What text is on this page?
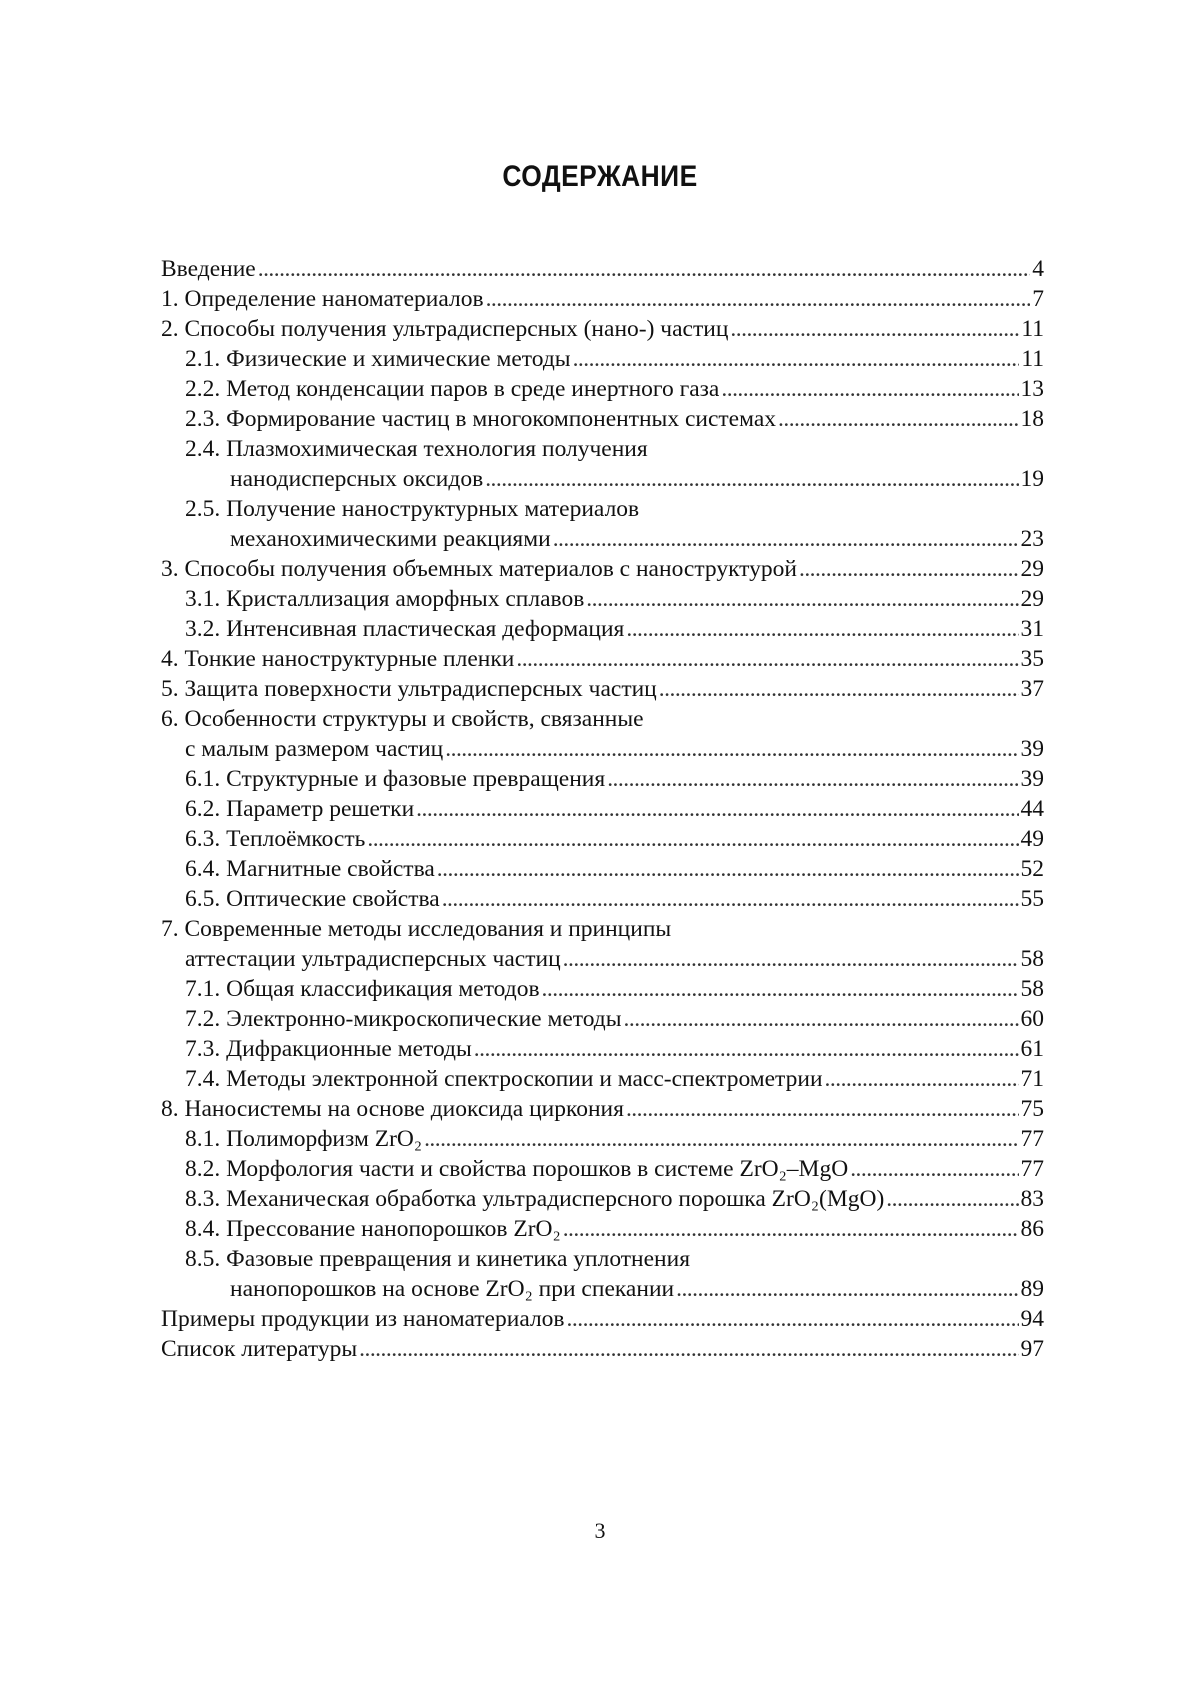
СОДЕРЖАНИЕ
Введение . . .	4
1. Определение наноматериалов . . .	7
2. Способы получения ультрадисперсных (нано-) частиц . . .	11
2.1. Физические и химические методы . . .	11
2.2. Метод конденсации паров в среде инертного газа . . .	13
2.3. Формирование частиц в многокомпонентных системах . . .	18
2.4. Плазмохимическая технология получения
нанодисперсных оксидов . . .	19
2.5. Получение наноструктурных материалов
механохимическими реакциями . . .	23
3. Способы получения объемных материалов с наноструктурой . . .	29
3.1. Кристаллизация аморфных сплавов . . .	29
3.2. Интенсивная пластическая деформация . . .	31
4. Тонкие наноструктурные пленки . . .	35
5. Защита поверхности ультрадисперсных частиц . . .	37
6. Особенности структуры и свойств, связанные
с малым размером частиц . . .	39
6.1. Структурные и фазовые превращения . . .	39
6.2. Параметр решетки . . .	44
6.3. Теплоёмкость . . .	49
6.4. Магнитные свойства . . .	52
6.5. Оптические свойства . . .	55
7. Современные методы исследования и принципы
аттестации ультрадисперсных частиц . . .	58
7.1. Общая классификация методов . . .	58
7.2. Электронно-микроскопические методы . . .	60
7.3. Дифракционные методы . . .	61
7.4. Методы электронной спектроскопии и масс-спектрометрии . . .	71
8. Наносистемы на основе диоксида циркония . . .	75
8.1. Полиморфизм ZrO₂ . . .	77
8.2. Морфология части и свойства порошков в системе ZrO₂–MgO . . .	77
8.3. Механическая обработка ультрадисперсного порошка ZrO₂(MgO) . . .	83
8.4. Прессование нанопорошков ZrO₂ . . .	86
8.5. Фазовые превращения и кинетика уплотнения
нанопорошков на основе ZrO₂ при спекании . . .	89
Примеры продукции из наноматериалов . . .	94
Список литературы . . .	97
3
